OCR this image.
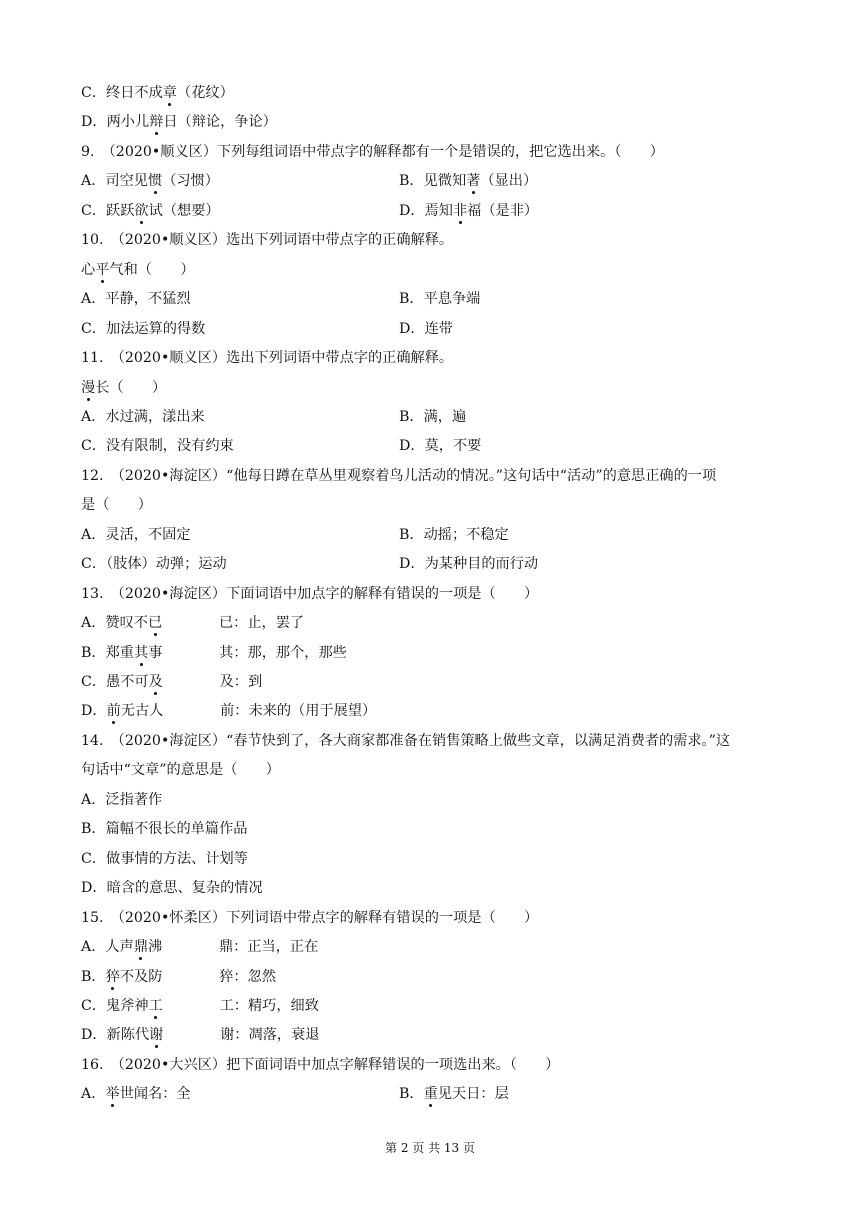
C．终日不成章（花纹）
D．两小儿辩日（辩论，争论）
9.　（2020•顺义区）下列每组词语中带点字的解释都有一个是错误的，把它选出来。（　　）
A．司空见惯（习惯）	B．见微知著（显出）
C．跃跃欲试（想要）	D．焉知非福（是非）
10.　（2020•顺义区）选出下列词语中带点字的正确解释。
心平气和（　　）
A．平静，不猛烈	B．平息争端
C．加法运算的得数	D．连带
11.　（2020•顺义区）选出下列词语中带点字的正确解释。
漫长（　　）
A．水过满，漾出来	B．满，遍
C．没有限制，没有约束	D．莫，不要
12.　（2020•海淀区）“他每日蹲在草丛里观察着鸟儿活动的情况。”这句话中“活动”的意思正确的一项
是（　　）
A．灵活，不固定	B．动摇；不稳定
C．（肢体）动弹；运动	D．为某种目的而行动
13.　（2020•海淀区）下面词语中加点字的解释有错误的一项是（　　）
A．赞叹不已　　　　已：止，罢了
B．郑重其事　　　　其：那，那个，那些
C．愚不可及　　　　及：到
D．前无古人　　　　前：未来的（用于展望）
14.　（2020•海淀区）“春节快到了，各大商家都准备在销售策略上做些文章，以满足消费者的需求。”这
句话中“文章”的意思是（　　）
A．泛指著作
B．篇幅不很长的单篇作品
C．做事情的方法、计划等
D．暗含的意思、复杂的情况
15.　（2020•怀柔区）下列词语中带点字的解释有错误的一项是（　　）
A．人声鼎沸　　　　鼎：正当，正在
B．猝不及防　　　　猝：忽然
C．鬼斧神工　　　　工：精巧，细致
D．新陈代谢　　　　谢：凋落，衰退
16.　（2020•大兴区）把下面词语中加点字解释错误的一项选出来。（　　）
A．举世闻名：全	B．重见天日：层
第 2 页 共 13 页
